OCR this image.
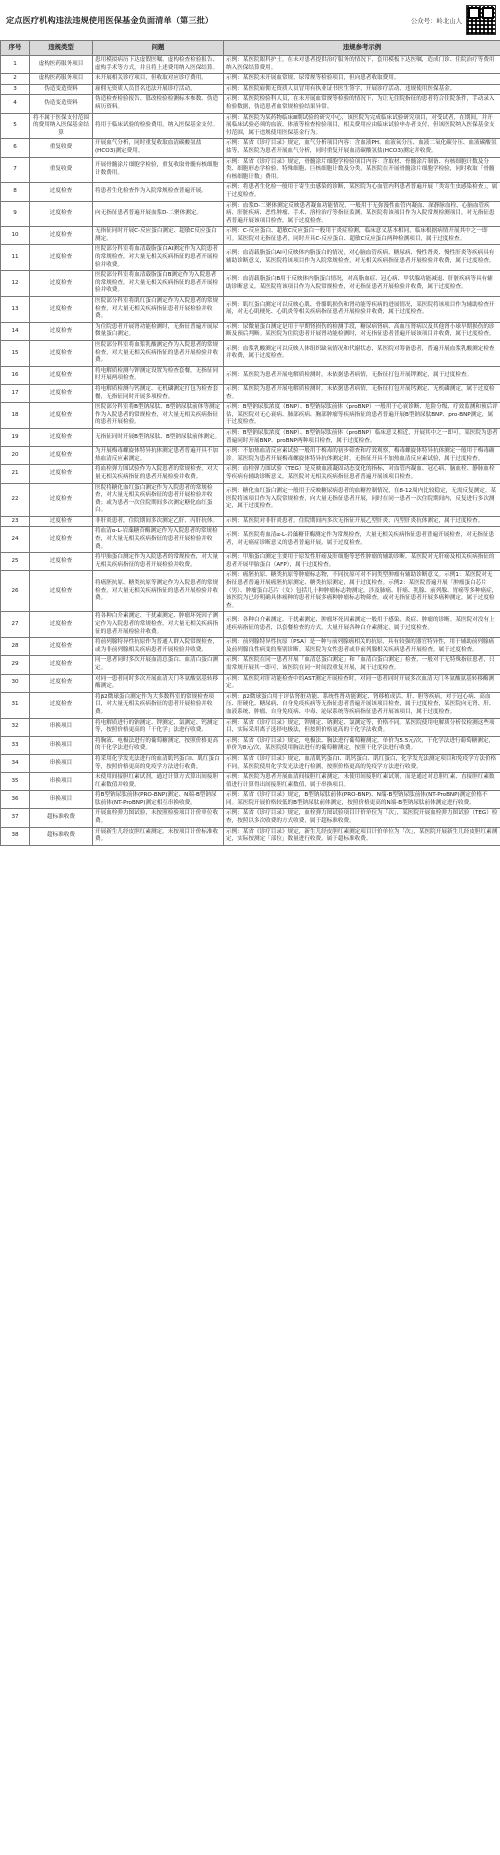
定点医疗机构违法违规使用医保基金负面清单（第三批）	公众号：岭北山人
序号	违规类型	问题	违规参考示例
1	虚构医药服务项目	患用模拟病历下达虚假医嘱、虚构检查检验报告、虚构手术等方式，并且将上述费用纳入医保结算。	示例：某医院眼科护士，在未对患者提供治疗服务的情况下，套用模板下达医嘱，造成门诊、住院治疗等费用纳入医保结算费用。
2	虚构医药服务项目	未开展相关诊疗项目，但收取对应诊疗费用。	示例：某医院未开展血常规、尿常规等检验项目，但向患者收取费用。
3	伪造变造资料	雇佣无资质人员冒名违法开展诊疗活动。	示例：某医院雇佣无资质人员冒用有执业证书医生签字，开展诊疗活动、违规使用医保基金。
4	伪造变造资料	伪造检查检验报告、篡改检验检测标本参数、伪造病历资料。	示例：某医院检验科人员，在未开展血常规等检验的情况下，为让无住院指征的患者符合住院条件，手动录入检验数据，伪造患者血常规检验结果异常。
5	将不属于医保支付范围的费用纳入医保基金结算	将用于临床试验的检验费用，纳入医保基金支付。	示例：某医院为某药物临床Ⅲ期试验的研究中心，该医院为完成临床试验研究项目，对受试者，在期间，并开展临床试验必须的血液、体液等检查检验项目，相关费用应由临床试验申办者支付，但该医院纳入医保基金支付范围，属于违规使用医保基金行为。
6	重复收费	开展血气分析，同时重复收取血清碳酸氢盐(HCO3)测定费用。	示例：某省《诊疗目录》规定，血气分析项目内容：含血液PH、血液氧分压、血液二氧化碳分压、血液碳酸氢盐等，某医院为患者开展血气分析，同时重复开展血清碳酸氢盐(HCO3)测定并收费。
7	重复收费	开展骨髓涂片细胞学检验，重复收取骨髓有核细胞计数费用。	示例：某省《诊疗目录》规定，骨髓涂片细胞学检验项目内容：含取材、骨髓涂片制备、有核细胞计数及分类、细胞形态学检验、特殊细胞、巨核细胞计数及分类，某医院在开展骨髓涂片细胞学检验，同时收取「骨髓有核细胞计数」费用。
8	过度检查	将患者生化检查作为入院常规检查普遍开展。	示例：将患者生化检一般用于寄生虫感染的诊断，某医院为心血管内科患者普遍开展「类寄生虫感染检查」，属于过度检查。
9	过度检查	向无指征患者普遍开展血浆D-二聚体测定。	示例：血浆D-二聚体测定反映患者凝血功能情况，一般用于无弥漫性血管内凝血、深静脉血栓、心脑血管疾病、肝脏疾病、恶性肿瘤、手术、溶栓治疗等指征监测，某医院将该项目作为入院常规检测项目，对无指征患者普遍开展该项目检查，属于过度检查。
10	过度检查	无指征同时开展C-反应蛋白测定、超敏C反应蛋白测定。	示例：C-反应蛋白、超敏C反应蛋白一般用于炎症检测，临床意义基本相同，临床根据病情开展其中之一即可。某医院对无指征患者，同时开具C-反应蛋白、超敏C反应蛋白两种检测项目，属于过度检查。
11	过度检查	医院部分科室将血清载脂蛋白AI测定作为入院患者的常规检查，对大量无相关疾病指征的患者开展检验并收费。	示例：血清载脂蛋白AI可反映体内脂蛋白的情况，对心脑血管疾病、糖尿病、慢性肾炎、慢性肝炎等疾病具有辅助诊断意义，某医院将该项目作为入院常规检查，对无相关疾病指征患者开展检验并收费，属于过度检查。
12	过度检查	医院部分科室将血清载脂蛋白B测定作为入院患者的常规检查，对大量无相关疾病指征的患者开展检验并收费。	示例：血清载脂蛋白B用于反映体内脂蛋白情况，对高脂血症、冠心病、甲状腺功能减退、肝脏疾病等具有辅助诊断意义。某医院将该项目作为入院常规检查，对无指征患者开展检验并收费，属于过度检查。
13	过度检查	医院部分科室将肌红蛋白测定作为入院患者的常规检查，对大量无相关疾病指征患者开展检验并收费。	示例：肌红蛋白测定可以反映心肌、骨骼肌损伤和肾功能等疾病的进展情况，某医院将该项目作为辅助检查开展，对无心肌梗死、心肌炎等相关疾病指征患者开展检验并收费，属于过度检查。
14	过度检查	为住院患者开展肾功能检测时，无指征普遍开展尿微量蛋白测定。	示例：尿微量蛋白测定是用于早期肾损伤的检测手段，糖尿病肾病、高血压肾病以及其他肾小球早期损伤的诊断及预后判断。某医院为住院患者开展肾功能检测时，对无指征患者普遍开展该项目并收费，属于过度检查。
15	过度检查	医院部分科室将血浆乳酸测定作为入院患者的常规检查，对大量无相关疾病指征的患者开展检验并收费。	示例：血浆乳酸测定可以反映人体组织缺氧情况和代谢状态，某医院对筹备患者，普遍开展血浆乳酸测定检查并收费，属于过度检查。
16	过度检查	将电解质检测与钾测定设置为检查套餐，无指征同时开展两项检查。	示例：某医院为患者开展电解质检测时，未依据患者病情，无指征打包开展钾测定，属于过度检查。
17	过度检查	将电解质检测与钙测定、无机磷测定打包为检查套餐，无指征同时开展多项检查。	示例：某医院为患者开展电解质检测时，未依据患者病情，无指征打包开展钙测定、无机磷测定，属于过度检查。
18	过度检查	医院部分科室将B型钠尿肽、B型钠尿肽前体等测定作为入院患者的常规检查，对大量无相关疾病指征的患者开展检验。	示例：B型钠尿肽浓度（BNP）、B型钠尿肽前体（proBNP）一般用于心衰诊断、危险分级、疗效监测和预后评估，某医院对无心衰病、肺部疾病、胸部肿瘤等疾病指征的患者普遍开展B型钠尿肽BNP、pro-BNP测定，属于过度检查。
19	过度检查	无指征同时开展B型钠尿肽、B型钠尿肽前体测定。	示例：B型钠尿肽浓度（BNP）、B型钠尿肽前体（proBNP）临床意义相近，开展其中之一即可。某医院为患者普遍同时开展BNP、proBNP两种项目检查，属于过度检查。
20	过度检查	为开展梅毒螺旋体特异抗体测定患者普遍开具不加热血清反应素测定。	示例：不加热血清反应素试验一般用于梅毒的初步筛查和疗效观察，梅毒螺旋体特异抗体测定一般用于梅毒确诊。某医院为患者开展梅毒螺旋体特异抗体测定时，无指征开具不加热血清反应素试验，属于过度检查。
21	过度检查	将血栓弹力图试验作为入院患者的常规检查，对大量无相关疾病指征的患者开展检验并收费。	示例：血栓弹力图试验（TEG）是反映血液凝固动态变化的指标，对血管内凝血、冠心病、脑血栓、静脉血栓等疾病有辅助诊断意义。某医院对无相关疾病指征患者普遍开展该项目检查。
22	过度检查	医院将糖化血红蛋白测定作为入院患者的常规检查，对大量无相关疾病指征的患者开展检验并收费；或为患者一次住院期间多次测定糖化血红蛋白。	示例：糖化血红蛋白测定一般用于反映糖尿病患者的血糖控制情况，在8-12周内比较稳定，无需反复测定。某医院将该项目作为入院常规检查，向大量无指征患者开展，同时在同一患者一次住院期间内，反复进行多次测定，属于过度检查。
23	过度检查	非肝炎患者，住院期间多次测定乙肝、丙肝抗体。	示例：某医院对非肝炎患者，住院期间内多次无指征开展乙型肝炎、丙型肝炎抗体测定，属于过度检查。
24	过度检查	将血清α-L-岩藻糖苷酶测定作为入院患者的常规检查，对大量无相关疾病指征的患者开展检验并收费。	示例：某医院将血清α-L-岩藻糖苷酶测定作为常规检查，大量无相关疾病指征患者普遍开展检查，对无指征患者，对无癌症诊断意义的患者普遍开展，属于过度检查。
25	过度检查	将甲胎蛋白测定作为入院患者的常规检查，对大量无相关疾病指征的患者开展检验并收费。	示例：甲胎蛋白测定主要用于原发性肝癌及肝细胞等恶性肿瘤的辅助诊断。某医院对无肝癌及相关疾病指征的患者开展甲胎蛋白（AFP），属于过度检查。
26	过度检查	将癌胚抗原、糖类抗原等测定作为入院患者的常规检查，对大量无相关疾病指征的患者开展检验并收费。	示例：癌胚抗原、糖类抗原等肿瘤标志物，不同抗原可对不同类型肿瘤有辅助诊断意义。示例1：某医院对无指征患者普遍开展癌胚抗原测定、糖类抗原测定，属于过度检查。示例2：某医院普遍开展「肿瘤蛋白芯片（男）、肿瘤蛋白芯片（女）包括几十种肿瘤标志物测定，涉及肺癌、肝癌、乳腺、前列腺、胃癌等多种癌症，该医院为已经明确具体癌种的患者开展多癌种肿瘤标志物筛查，或对无指征患者开展多癌种测定，属于过度检查。
27	过度检查	将各种白介素测定、干扰素测定、肿瘤坏死因子测定作为入院患者的常规检查，对大量无相关疾病指征的患者开展检验并收费。	示例：各种白介素测定、干扰素测定、肿瘤坏死因素测定一般用于感染、炎症、肿瘤的诊断。某医院对没有上述疾病指征的患者，以套餐检查的方式，大量开展各种白介素测定，属于过度检查。
28	过度检查	将前列腺特异性抗原作为普通人群入院常规检查，或为非前列腺相关疾病患者开展检验并收费。	示例：前列腺特异性抗原（PSA）是一种与前列腺癌相关的抗原，具有较强的器官特异性，用于辅助前列腺癌及前列腺良性病变的鉴别诊断。某医院为女性患者或非前列腺相关疾病患者开展检查，属于过度检查。
29	过度检查	同一患者同时多次开展血清总蛋白、血清白蛋白测定。	示例：某医院在同一患者开展「血清总蛋白测定」和「血清白蛋白测定」检查，一般对于无特殊指征患者，只需常规开展其一即可，该医院在同一时间段重复开展，属于过度检查。
30	过度检查	对同一患者同时多次开展血清天门冬氨酸氨基转移酶测定。	示例：某医院对肝功能检查中的AST测定开展检查时，对同一患者同时开展多次血清天门冬氨酸氨基转移酶测定。
31	过度检查	将β2微球蛋白测定作为大多数科室的常规检查项目，对大量无相关疾病指征的患者开展检验并收费。	示例：β2微球蛋白用于评估肾脏功能、系统性肾功能测定、肾移植成活、肝、胆等疾病，对于冠心病、高血压、肝硬化、糖尿病、自身免疫疾病等无指征患者普遍开展该项目检查，属于过度检查，某医院向无肾、肝、血液系统、肿瘤、自身免疫病、中毒、泌尿系统等疾病指征患者开展该项目，属于过度检查。
32	串换项目	将电解质进行的钠测定、钾测定、氯测定、钙测定等，按照价格更高的「干化学」法进行收费。	示例：某省《诊疗目录》规定，钾测定、钠测定、氯测定等，价格不同。某医院使用电解质分析仪检测这些项目，实际采用离子选择电极法，但按照价格更高的干化学法收费。
33	串换项目	将胸液、电极法进行的葡萄糖测定，按照价格更高的干化学法进行收费。	示例：某省《诊疗目录》规定，电极法、胸法进行葡萄糖测定，单价为5.5元/次，干化学法进行葡萄糖测定，单价为8元/次，某医院使用胸法进行的葡萄糖测定，按照干化学法进行收费。
34	串换项目	将采用化学发光法进行的血清肌钙蛋白I、肌红蛋白等，按照价格更高的免疫学方法进行收费。	示例：某省《诊疗目录》规定，血清肌钙蛋白I、肌钙蛋白、肌红蛋白，化学发光法测定项目和免疫学方法价格不同，某医院使用化学发光法进行检测，按照价格更高的免疫学方法进行收费。
35	串换项目	未使用间接胆红素试剂，通过计算方式算出间接胆红素数值并收费。	示例：某医院为患者开展血清间接胆红素测定，未使用间接胆红素试剂，而是通过对总胆红素、直接胆红素数值进行计算得出间接胆红素数值，属于串换项目。
36	串换项目	将B型钠尿肽前体(PRO-BNP)测定、N端-B型钠尿肽前体(NT-ProBNP)测定相互串换收费。	示例：某省《诊疗目录》规定，B型钠尿肽前体(PRO-BNP)、N端-B型钠尿肽前体(NT-ProBNP)测定价格不同。某医院开展价格较低的B型钠尿肽前体测定，按照价格更高的N端-B型钠尿肽前体测定进行收费。
37	超标准收费	开展血栓弹力图试验，未按照检验项目计价单位收费。	示例：某省《诊疗目录》规定，血栓弹力图试验项目计价单位为「次」，某医院开展血栓弹力图试验（TEG）检查，按照以多次收费的方式收费，属于超标准收费。
38	超标准收费	开展新生儿经皮胆红素测定，未按项目计价标准收费。	示例：某省《诊疗目录》规定，新生儿经皮胆红素测定项目计价单位为「次」，某医院开展新生儿经皮胆红素测定，实际按测定「部位」数量进行收费，属于超标准收费。
